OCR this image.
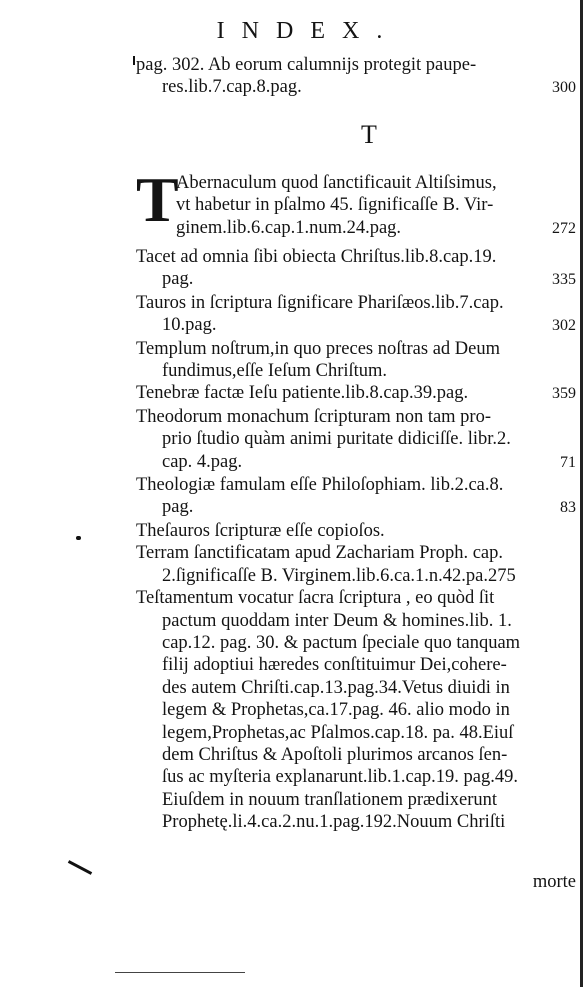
INDEX.
pag. 302. Ab eorum calumnijs protegit paupe-
res.lib.7.cap.8.pag.	300
T
T
Abernaculum quod ſanctificauit Altiſsimus,
vt habetur in pſalmo 45. ſignificaſſe B. Vir-
ginem.lib.6.cap.1.num.24.pag.	272
Tacet ad omnia ſibi obiecta Chriſtus.lib.8.cap.19.
pag.	335
Tauros in ſcriptura ſignificare Phariſæos.lib.7.cap.
10.pag.	302
Templum noſtrum,in quo preces noſtras ad Deum
fundimus,eſſe Ieſum Chriſtum.
Tenebræ factæ Ieſu patiente.lib.8.cap.39.pag.	359
Theodorum monachum ſcripturam non tam pro-
prio ſtudio quàm animi puritate didiciſſe. libr.2.
cap. 4.pag.	71
Theologiæ famulam eſſe Philoſophiam. lib.2.ca.8.
pag.	83
Theſauros ſcripturæ eſſe copioſos.
Terram ſanctificatam apud Zachariam Proph. cap.
2.ſignificaſſe B. Virginem.lib.6.ca.1.n.42.pa.275
Teſtamentum vocatur ſacra ſcriptura , eo quòd ſit
pactum quoddam inter Deum & homines.lib. 1.
cap.12. pag. 30. & pactum ſpeciale quo tanquam
filij adoptiui hæredes conſtituimur Dei,cohere-
des autem Chriſti.cap.13.pag.34.Vetus diuidi in
legem & Prophetas,ca.17.pag. 46. alio modo in
legem,Prophetas,ac Pſalmos.cap.18. pa. 48.Eiuſ
dem Chriſtus & Apoſtoli plurimos arcanos ſen-
ſus ac myſteria explanarunt.lib.1.cap.19. pag.49.
Eiuſdem in nouum tranſlationem prædixerunt
Prophetę.li.4.ca.2.nu.1.pag.192.Nouum Chriſti
morte
